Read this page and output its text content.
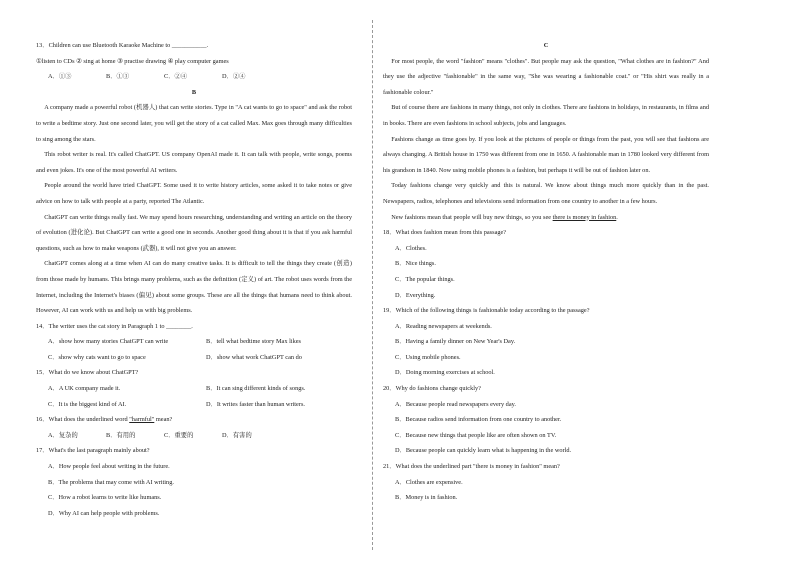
13．Children can use Bluetooth Karaoke Machine to ___________.

①listen to CDs ② sing at home ③ practise drawing ④ play computer games

A．①③	B．①③	C．②④	D．②④

B

A company made a powerful robot (机器人) that can write stories. Type in "A cat wants to go to space" and ask the robot to write a bedtime story. Just one second later, you will get the story of a cat called Max. Max goes through many difficulties to sing among the stars.

This robot writer is real. It's called ChatGPT. US company OpenAI made it. It can talk with people, write songs, poems and even jokes. It's one of the most powerful AI writers.

People around the world have tried ChatGPT. Some used it to write history articles, some asked it to take notes or give advice on how to talk with people at a party, reported The Atlantic.

ChatGPT can write things really fast. We may spend hours researching, understanding and writing an article on the theory of evolution (进化论). But ChatGPT can write a good one in seconds. Another good thing about it is that if you ask harmful questions, such as how to make weapons (武器), it will not give you an answer.

ChatGPT comes along at a time when AI can do many creative tasks. It is difficult to tell the things they create (创造) from those made by humans. This brings many problems, such as the definition (定义) of art. The robot uses words from the Internet, including the Internet's biases (偏见) about some groups. These are all the things that humans need to think about. However, AI can work with us and help us with big problems.

14．The writer uses the cat story in Paragraph 1 to ________.

A．show how many stories ChatGPT can write	B．tell what bedtime story Max likes
C．show why cats want to go to space	D．show what work ChatGPT can do

15．What do we know about ChatGPT?

A．A UK company made it.	B．It can sing different kinds of songs.
C．It is the biggest kind of AI.	D．It writes faster than human writers.

16．What does the underlined word "harmful" mean?

A．复杂的	B．有用的	C．重要的	D．有害的

17．What's the last paragraph mainly about?

A．How people feel about writing in the future.

B．The problems that may come with AI writing.

C．How a robot learns to write like humans.

D．Why AI can help people with problems.

C

For most people, the word "fashion" means "clothes". But people may ask the question, "What clothes are in fashion?" And they use the adjective "fashionable" in the same way, "She was wearing a fashionable coat." or "His shirt was really in a fashionable colour."

But of course there are fashions in many things, not only in clothes. There are fashions in holidays, in restaurants, in films and in books. There are even fashions in school subjects, jobs and languages.

Fashions change as time goes by. If you look at the pictures of people or things from the past, you will see that fashions are always changing. A British house in 1750 was different from one in 1650. A fashionable man in 1780 looked very different from his grandson in 1840. Now using mobile phones is a fashion, but perhaps it will be out of fashion later on.

Today fashions change very quickly and this is natural. We know about things much more quickly than in the past. Newspapers, radios, telephones and televisions send information from one country to another in a few hours.

New fashions mean that people will buy new things, so you see there is money in fashion.

18．What does fashion mean from this passage?

A．Clothes.

B．Nice things.

C．The popular things.

D．Everything.

19．Which of the following things is fashionable today according to the passage?

A．Reading newspapers at weekends.

B．Having a family dinner on New Year's Day.

C．Using mobile phones.

D．Doing morning exercises at school.

20．Why do fashions change quickly?

A．Because people read newspapers every day.

B．Because radios send information from one country to another.

C．Because new things that people like are often shown on TV.

D．Because people can quickly learn what is happening in the world.

21．What does the underlined part "there is money in fashion" mean?

A．Clothes are expensive.

B．Money is in fashion.
